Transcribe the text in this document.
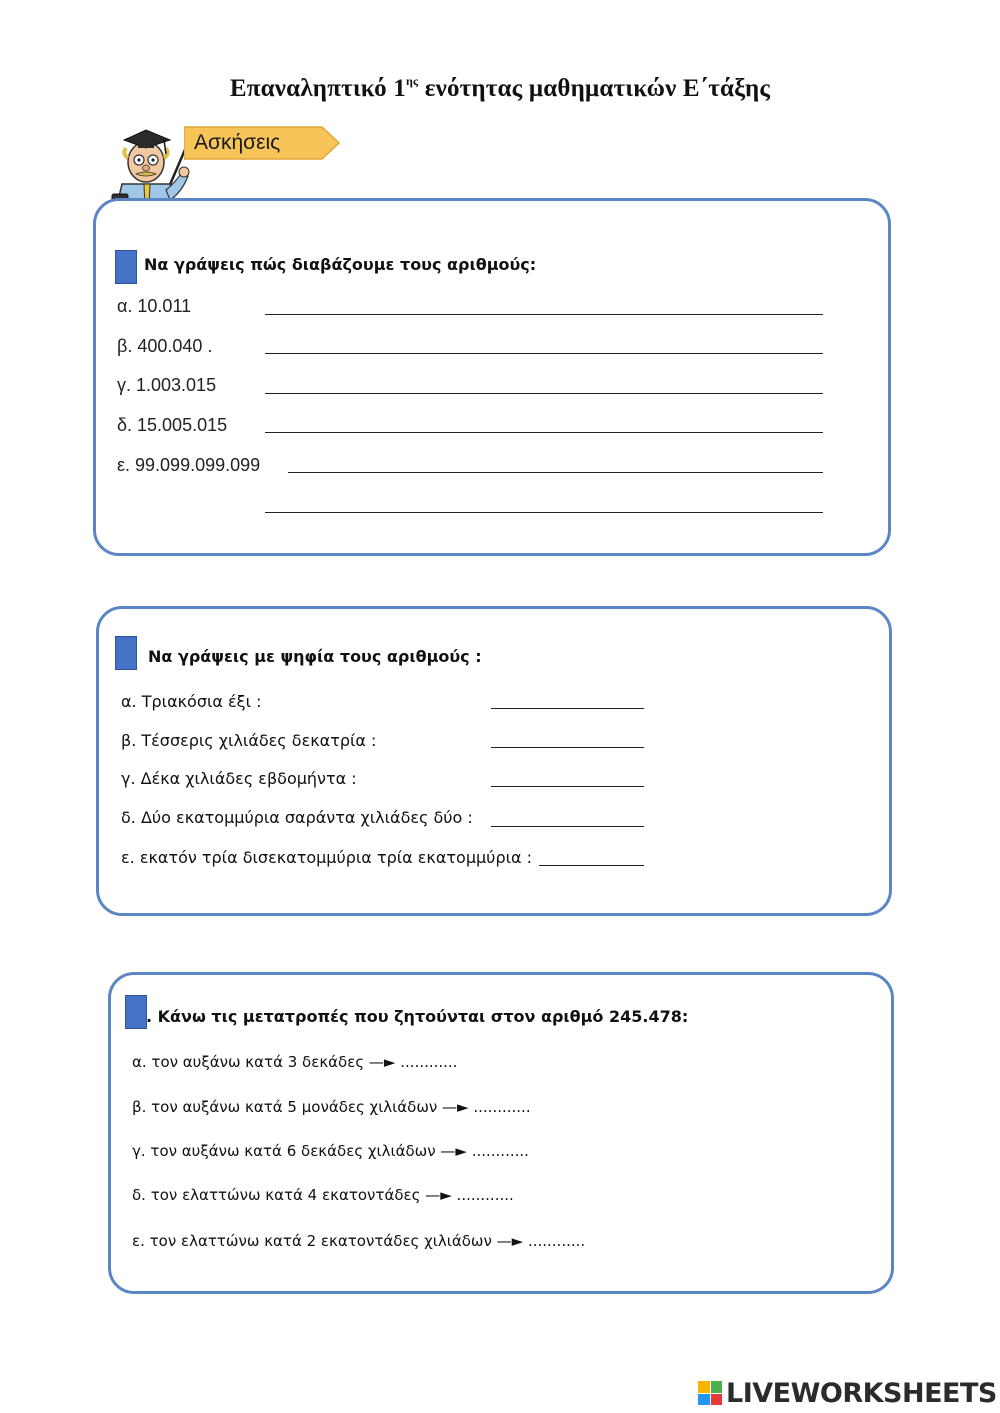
Επαναληπτικό $1^{\eta\varsigma}$ ενότητας μαθηματικών Ε΄τάξης
Ασκήσεις
Να γράψεις πώς διαβάζουμε τους αριθμούς:
α. 10.011
β. 400.040 .
γ. 1.003.015
δ. 15.005.015
ε. 99.099.099.099
Να γράψεις με ψηφία τους αριθμούς :
α. Τριακόσια έξι :
β. Τέσσερις χιλιάδες δεκατρία :
γ. Δέκα χιλιάδες εβδομήντα :
δ. Δύο εκατομμύρια σαράντα χιλιάδες δύο :
ε. εκατόν τρία δισεκατομμύρια τρία εκατομμύρια :
. Κάνω τις μετατροπές που ζητούνται στον αριθμό 245.478:
α. τον αυξάνω κατά 3 δεκάδες —► ............
β. τον αυξάνω κατά 5 μονάδες χιλιάδων —► ............
γ. τον αυξάνω κατά 6 δεκάδες χιλιάδων —► ............
δ. τον ελαττώνω κατά 4 εκατοντάδες —► ............
ε. τον ελαττώνω κατά 2 εκατοντάδες χιλιάδων —► ............
LIVEWORKSHEETS
